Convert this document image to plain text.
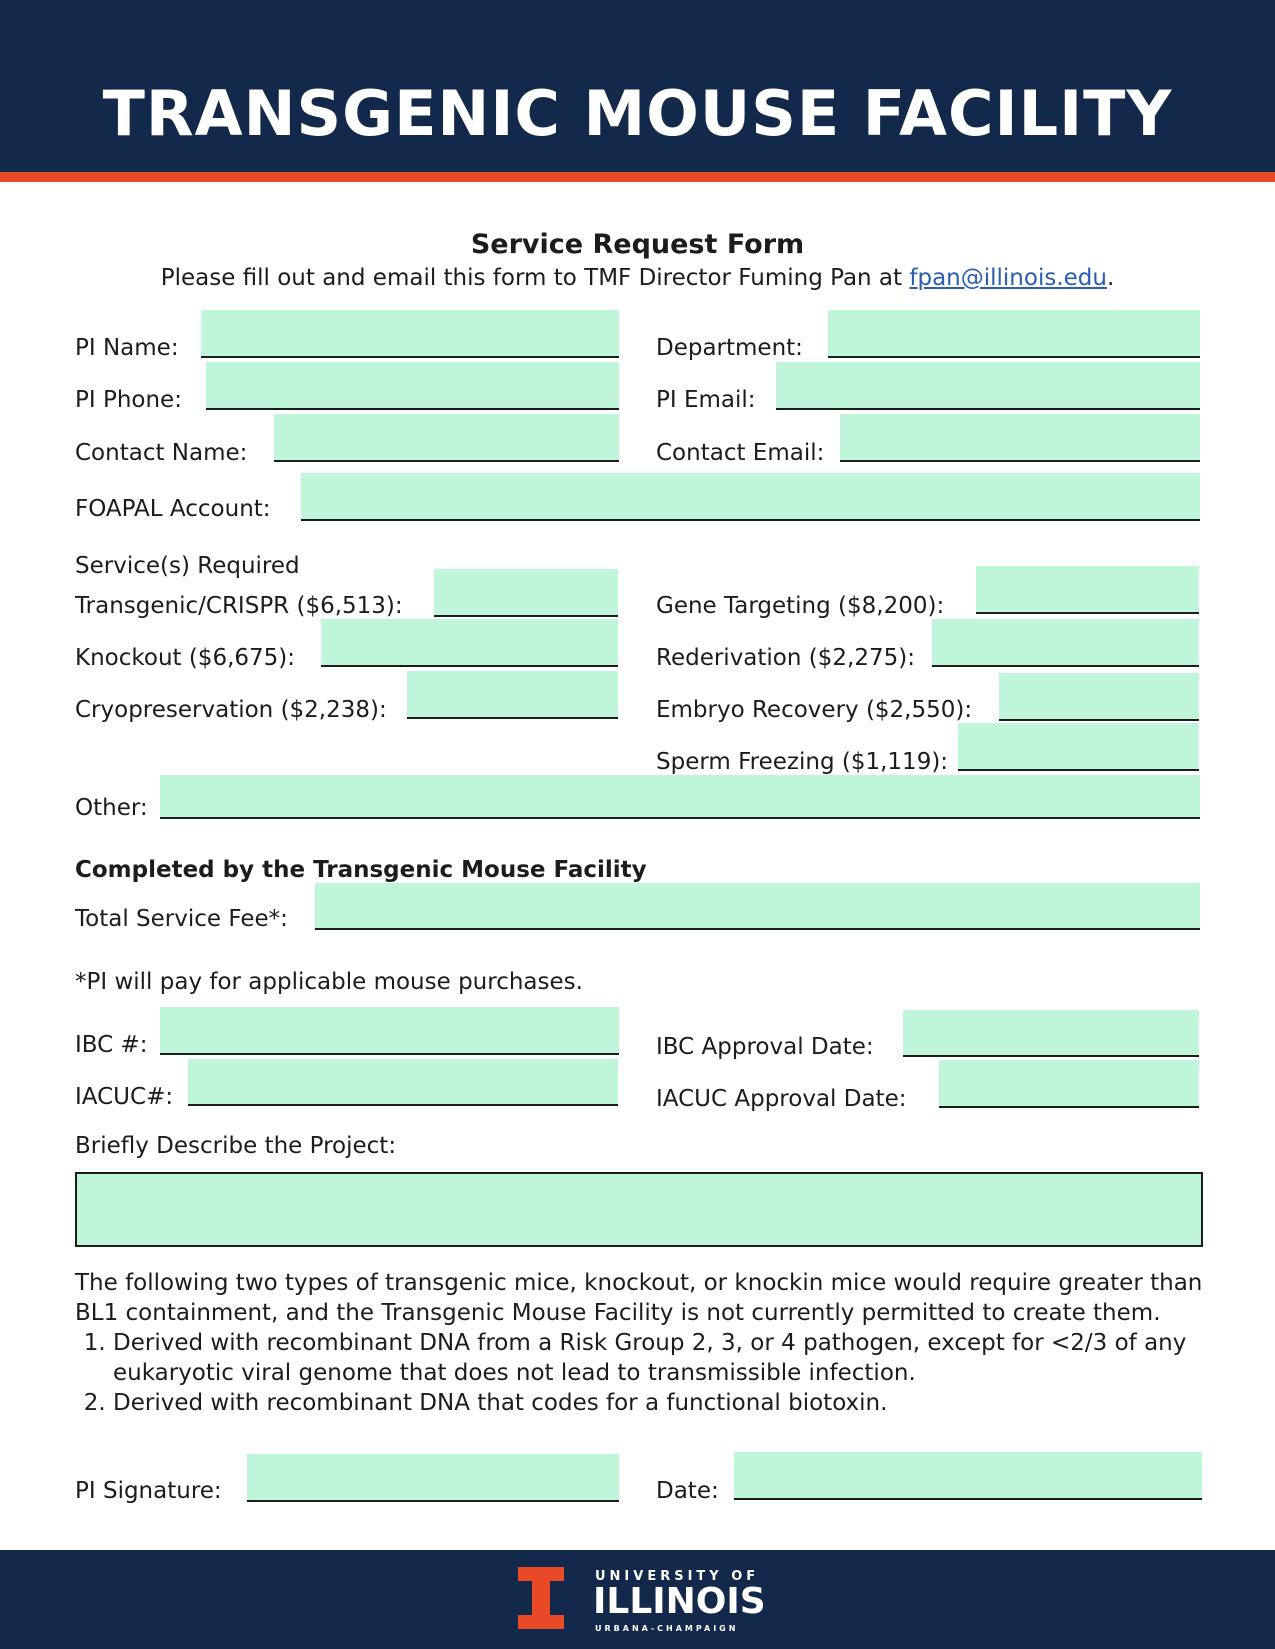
TRANSGENIC MOUSE FACILITY
Service Request Form
Please fill out and email this form to TMF Director Fuming Pan at fpan@illinois.edu.
PI Name:	Department:
PI Phone:	PI Email:
Contact Name:	Contact Email:
FOAPAL Account:
Service(s) Required
Transgenic/CRISPR ($6,513):	Gene Targeting ($8,200):
Knockout ($6,675):	Rederivation ($2,275):
Cryopreservation ($2,238):	Embryo Recovery ($2,550):
Sperm Freezing ($1,119):
Other:
Completed by the Transgenic Mouse Facility
Total Service Fee*:
*PI will pay for applicable mouse purchases.
IBC #:	IBC Approval Date:
IACUC#:	IACUC Approval Date:
Briefly Describe the Project:

The following two types of transgenic mice, knockout, or knockin mice would require greater than BL1 containment, and the Transgenic Mouse Facility is not currently permitted to create them.

1. Derived with recombinant DNA from a Risk Group 2, 3, or 4 pathogen, except for <2/3 of any eukaryotic viral genome that does not lead to transmissible infection.
2. Derived with recombinant DNA that codes for a functional biotoxin.
PI Signature:	Date:
UNIVERSITY OF
ILLINOIS
URBANA-CHAMPAIGN
